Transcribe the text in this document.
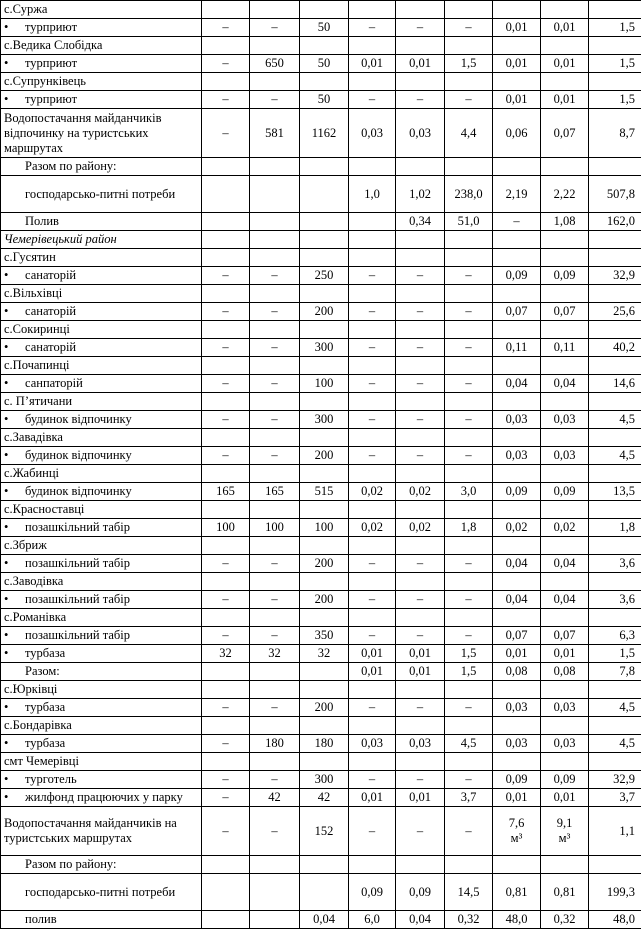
с.Суржа									
• турприют	–	–	50	–	–	–	0,01	0,01	1,5
с.Ведика Слобідка									
• турприют	–	650	50	0,01	0,01	1,5	0,01	0,01	1,5
с.Супрунківець									
• турприют	–	–	50	–	–	–	0,01	0,01	1,5
Водопостачання майданчиків відпочинку на туристських маршрутах	–	581	1162	0,03	0,03	4,4	0,06	0,07	8,7
Разом по району:									
господарсько-питні потреби				1,0	1,02	238,0	2,19	2,22	507,8
Полив					0,34	51,0	–	1,08	162,0
Чемерівецький район									
с.Гусятин									
• санаторій	–	–	250	–	–	–	0,09	0,09	32,9
с.Вільхівці									
• санаторій	–	–	200	–	–	–	0,07	0,07	25,6
с.Сокиринці									
• санаторій	–	–	300	–	–	–	0,11	0,11	40,2
с.Почапинці									
• санпаторій	–	–	100	–	–	–	0,04	0,04	14,6
с. П’ятичани									
• будинок відпочинку	–	–	300	–	–	–	0,03	0,03	4,5
с.Завадівка									
• будинок відпочинку	–	–	200	–	–	–	0,03	0,03	4,5
с.Жабинці									
• будинок відпочинку	165	165	515	0,02	0,02	3,0	0,09	0,09	13,5
с.Красноставці									
• позашкільний табір	100	100	100	0,02	0,02	1,8	0,02	0,02	1,8
с.Збриж									
• позашкільний табір	–	–	200	–	–	–	0,04	0,04	3,6
с.Заводівка									
• позашкільний табір	–	–	200	–	–	–	0,04	0,04	3,6
с.Романівка									
• позашкільний табір	–	–	350	–	–	–	0,07	0,07	6,3
• турбаза	32	32	32	0,01	0,01	1,5	0,01	0,01	1,5
Разом:				0,01	0,01	1,5	0,08	0,08	7,8
с.Юрківці									
• турбаза	–	–	200	–	–	–	0,03	0,03	4,5
с.Бондарівка									
• турбаза	–	180	180	0,03	0,03	4,5	0,03	0,03	4,5
смт Чемерівці									
• турготель	–	–	300	–	–	–	0,09	0,09	32,9
• жилфонд працюючих у парку	–	42	42	0,01	0,01	3,7	0,01	0,01	3,7
Водопостачання майданчиків на туристських маршрутах	–	–	152	–	–	–	7,6 м³	9,1 м³	1,1
Разом по району:									
господарсько-питні потреби				0,09	0,09	14,5	0,81	0,81	199,3
полив			0,04	6,0	0,04	0,32	48,0	0,32	48,0
